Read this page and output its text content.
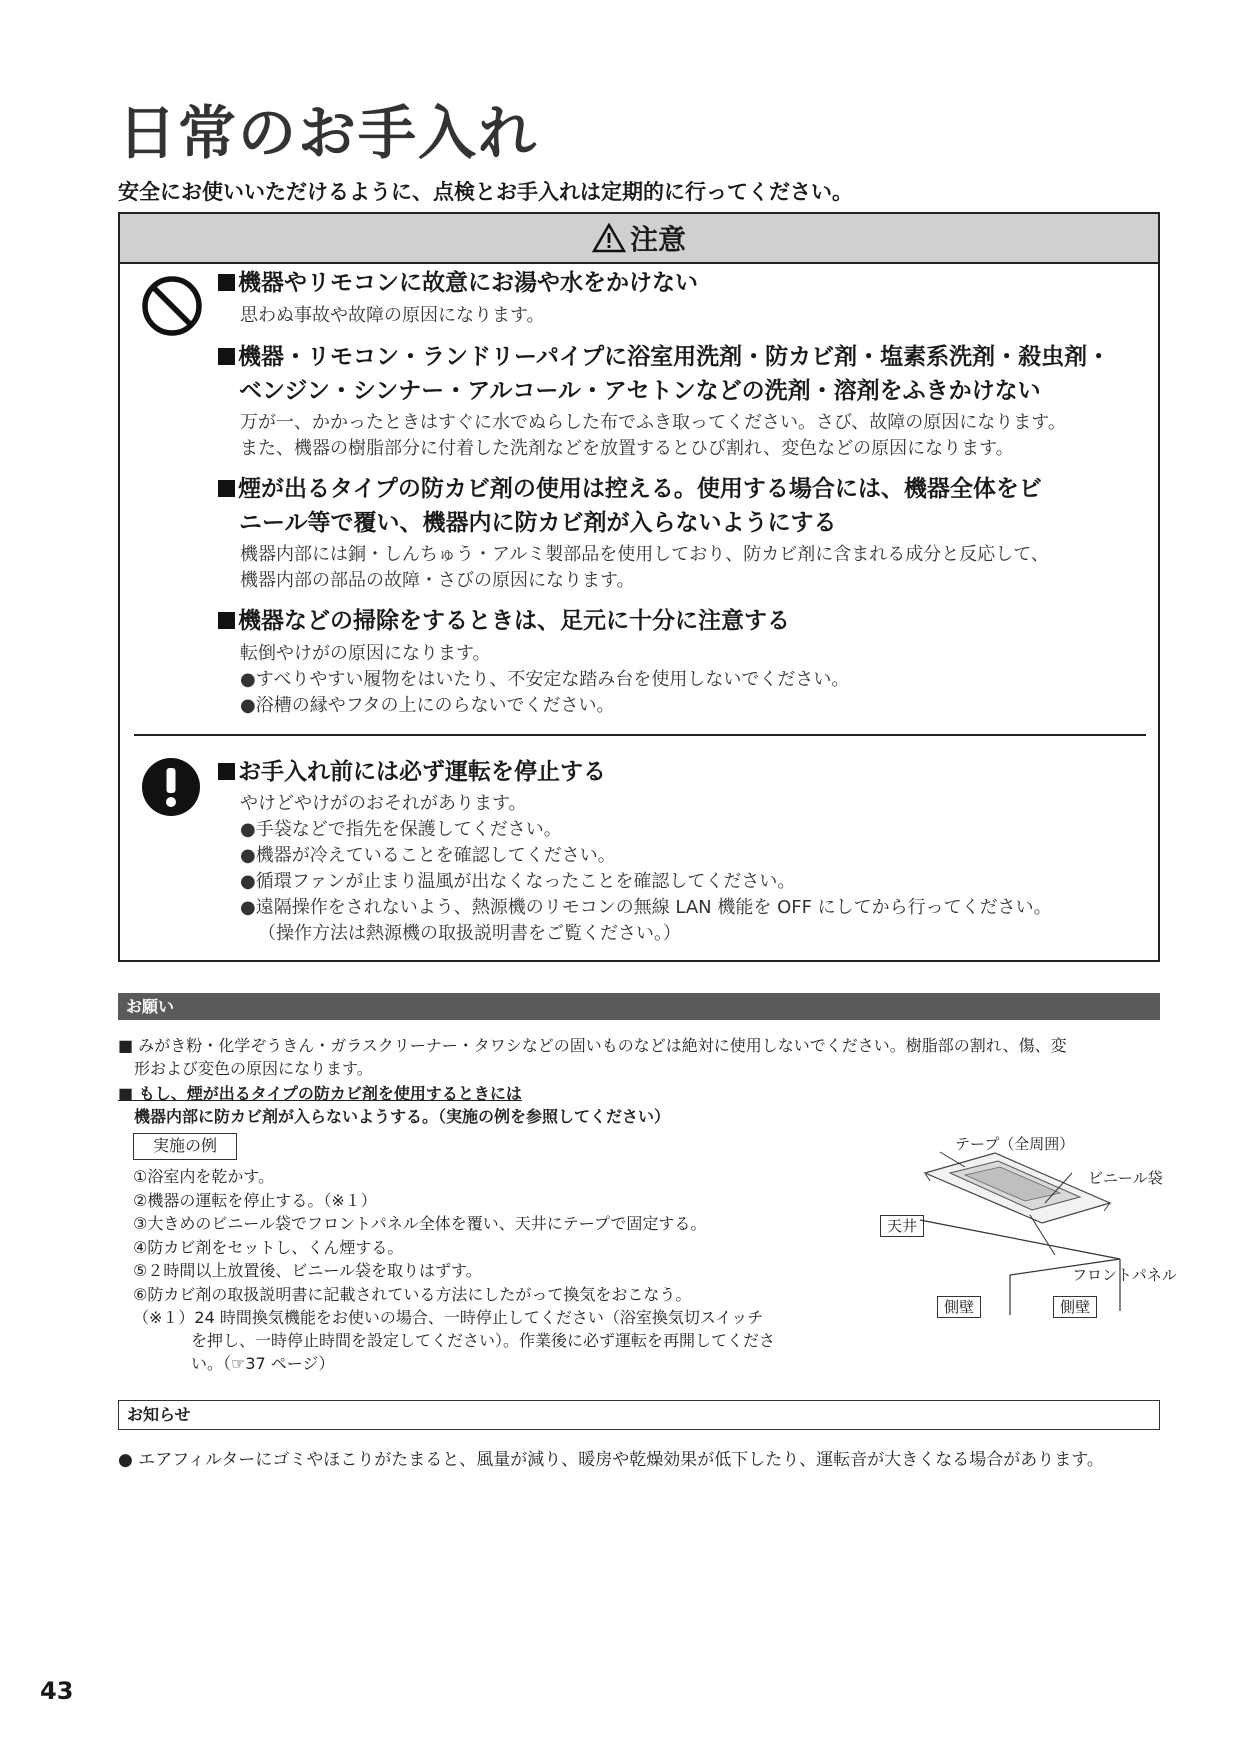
日常のお手入れ
安全にお使いいただけるように、点検とお手入れは定期的に行ってください。
注意
機器やリモコンに故意にお湯や水をかけない
思わぬ事故や故障の原因になります。
機器・リモコン・ランドリーパイプに浴室用洗剤・防カビ剤・塩素系洗剤・殺虫剤・
ベンジン・シンナー・アルコール・アセトンなどの洗剤・溶剤をふきかけない
万が一、かかったときはすぐに水でぬらした布でふき取ってください。さび、故障の原因になります。
また、機器の樹脂部分に付着した洗剤などを放置するとひび割れ、変色などの原因になります。
煙が出るタイプの防カビ剤の使用は控える。使用する場合には、機器全体をビ
ニール等で覆い、機器内に防カビ剤が入らないようにする
機器内部には銅・しんちゅう・アルミ製部品を使用しており、防カビ剤に含まれる成分と反応して、
機器内部の部品の故障・さびの原因になります。
機器などの掃除をするときは、足元に十分に注意する
転倒やけがの原因になります。
●すべりやすい履物をはいたり、不安定な踏み台を使用しないでください。
●浴槽の縁やフタの上にのらないでください。
お手入れ前には必ず運転を停止する
やけどやけがのおそれがあります。
●手袋などで指先を保護してください。
●機器が冷えていることを確認してください。
●循環ファンが止まり温風が出なくなったことを確認してください。
●遠隔操作をされないよう、熱源機のリモコンの無線 LAN 機能を OFF にしてから行ってください。
（操作方法は熱源機の取扱説明書をご覧ください。）
お願い
■ みがき粉・化学ぞうきん・ガラスクリーナー・タワシなどの固いものなどは絶対に使用しないでください。樹脂部の割れ、傷、変
形および変色の原因になります。
■ もし、煙が出るタイプの防カビ剤を使用するときには
機器内部に防カビ剤が入らないようする。（実施の例を参照してください）
実施の例
①浴室内を乾かす。
②機器の運転を停止する。（※１）
③大きめのビニール袋でフロントパネル全体を覆い、天井にテープで固定する。
④防カビ剤をセットし、くん煙する。
⑤２時間以上放置後、ビニール袋を取りはずす。
⑥防カビ剤の取扱説明書に記載されている方法にしたがって換気をおこなう。
（※１）24 時間換気機能をお使いの場合、一時停止してください（浴室換気切スイッチ
を押し、一時停止時間を設定してください）。作業後に必ず運転を再開してくださ
い。（☞37 ページ）
テープ（全周囲）
ビニール袋
天井
フロントパネル
側壁	側壁
お知らせ
● エアフィルターにゴミやほこりがたまると、風量が減り、暖房や乾燥効果が低下したり、運転音が大きくなる場合があります。
43
